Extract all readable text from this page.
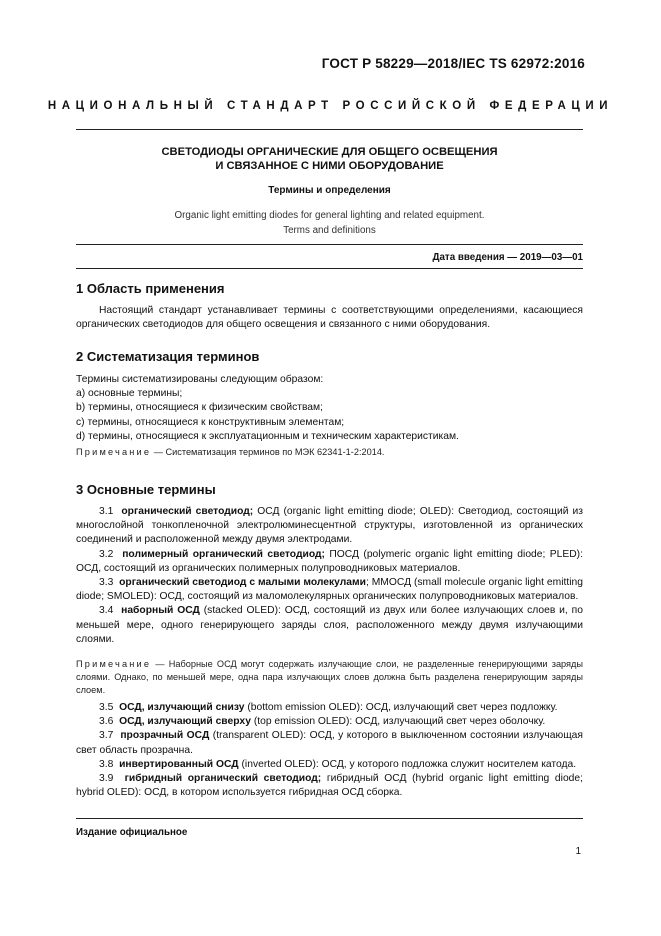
ГОСТ Р 58229—2018/IEC TS 62972:2016
НАЦИОНАЛЬНЫЙ СТАНДАРТ РОССИЙСКОЙ ФЕДЕРАЦИИ
СВЕТОДИОДЫ ОРГАНИЧЕСКИЕ ДЛЯ ОБЩЕГО ОСВЕЩЕНИЯ
И СВЯЗАННОЕ С НИМИ ОБОРУДОВАНИЕ
Термины и определения
Organic light emitting diodes for general lighting and related equipment.
Terms and definitions
Дата введения — 2019—03—01
1 Область применения

Настоящий стандарт устанавливает термины с соответствующими определениями, касающиеся органических светодиодов для общего освещения и связанного с ними оборудования.

2 Систематизация терминов

Термины систематизированы следующим образом:

a) основные термины;

b) термины, относящиеся к физическим свойствам;

c) термины, относящиеся к конструктивным элементам;

d) термины, относящиеся к эксплуатационным и техническим характеристикам.

Примечание — Систематизация терминов по МЭК 62341-1-2:2014.

3 Основные термины

3.1 органический светодиод; ОСД (organic light emitting diode; OLED): Светодиод, состоящий из многослойной тонкопленочной электролюминесцентной структуры, изготовленной из органических соединений и расположенной между двумя электродами.

3.2 полимерный органический светодиод; ПОСД (polymeric organic light emitting diode; PLED): ОСД, состоящий из органических полимерных полупроводниковых материалов.

3.3 органический светодиод с малыми молекулами; ММОСД (small molecule organic light emitting diode; SMOLED): ОСД, состоящий из маломолекулярных органических полупроводниковых материалов.

3.4 наборный ОСД (stacked OLED): ОСД, состоящий из двух или более излучающих слоев и, по меньшей мере, одного генерирующего заряды слоя, расположенного между двумя излучающими слоями.

Примечание — Наборные ОСД могут содержать излучающие слои, не разделенные генерирующими заряды слоями. Однако, по меньшей мере, одна пара излучающих слоев должна быть разделена генерирующим заряды слоем.

3.5 ОСД, излучающий снизу (bottom emission OLED): ОСД, излучающий свет через подложку.

3.6 ОСД, излучающий сверху (top emission OLED): ОСД, излучающий свет через оболочку.

3.7 прозрачный ОСД (transparent OLED): ОСД, у которого в выключенном состоянии излучающая свет область прозрачна.

3.8 инвертированный ОСД (inverted OLED): ОСД, у которого подложка служит носителем катода.

3.9 гибридный органический светодиод; гибридный ОСД (hybrid organic light emitting diode; hybrid OLED): ОСД, в котором используется гибридная ОСД сборка.

Издание официальное
1
